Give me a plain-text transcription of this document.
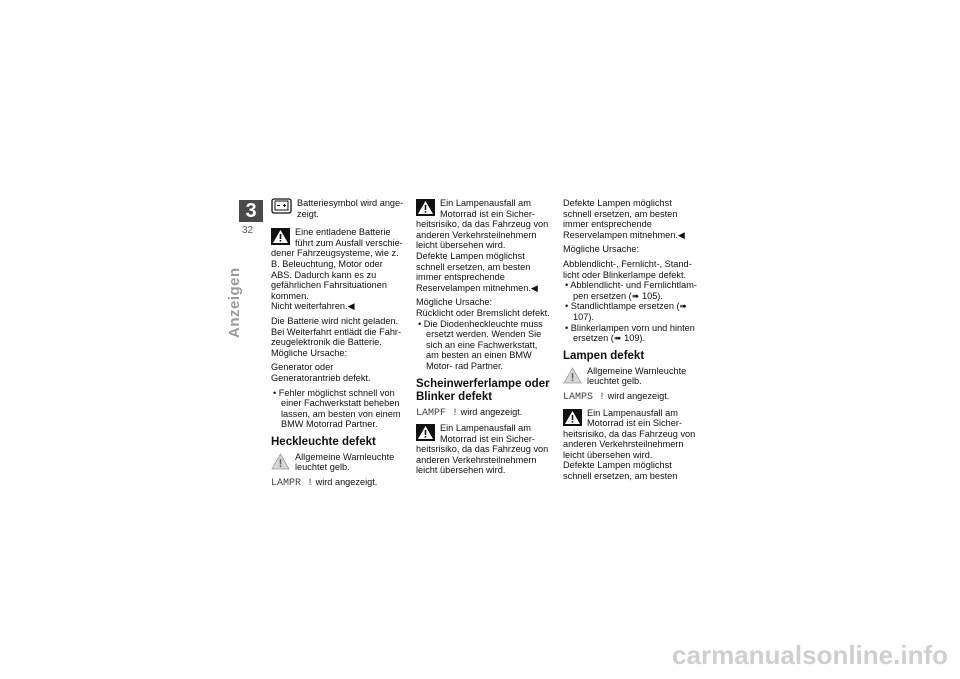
3
32
Anzeigen

Batteriesymbol wird ange- zeigt.

Eine entladene Batterie führt zum Ausfall verschie- dener Fahrzeugsysteme, wie z. B. Beleuchtung, Motor oder ABS. Dadurch kann es zu gefährlichen Fahrsituationen kommen.

Nicht weiterfahren.◀

Die Batterie wird nicht geladen. Bei Weiterfahrt entlädt die Fahr- zeugelektronik die Batterie.

Mögliche Ursache:

Generator oder Generatorantrieb defekt.

• Fehler möglichst schnell von einer Fachwerkstatt beheben lassen, am besten von einem BMW Motorrad Partner.

Heckleuchte defekt

Allgemeine Warnleuchte leuchtet gelb.

LAMPR ! wird angezeigt.

Ein Lampenausfall am Motorrad ist ein Sicher- heitsrisiko, da das Fahrzeug von anderen Verkehrsteilnehmern leicht übersehen wird.

Defekte Lampen möglichst schnell ersetzen, am besten immer entsprechende Reservelampen mitnehmen.◀

Mögliche Ursache:

Rücklicht oder Bremslicht defekt.

• Die Diodenheckleuchte muss ersetzt werden. Wenden Sie sich an eine Fachwerkstatt, am besten an einen BMW Motor- rad Partner.

Scheinwerferlampe oder Blinker defekt

LAMPF ! wird angezeigt.

Ein Lampenausfall am Motorrad ist ein Sicher- heitsrisiko, da das Fahrzeug von anderen Verkehrsteilnehmern leicht übersehen wird.

Defekte Lampen möglichst schnell ersetzen, am besten immer entsprechende Reservelampen mitnehmen.◀

Mögliche Ursache:

Abblendlicht-, Fernlicht-, Stand- licht oder Blinkerlampe defekt.

• Abblendlicht- und Fernlichtlam- pen ersetzen (➠ 105).

• Standlichtlampe ersetzen (➠ 107).

• Blinkerlampen vorn und hinten ersetzen (➠ 109).

Lampen defekt

Allgemeine Warnleuchte leuchtet gelb.

LAMPS ! wird angezeigt.

Ein Lampenausfall am Motorrad ist ein Sicher- heitsrisiko, da das Fahrzeug von anderen Verkehrsteilnehmern leicht übersehen wird.

Defekte Lampen möglichst schnell ersetzen, am besten

carmanualsonline.info
